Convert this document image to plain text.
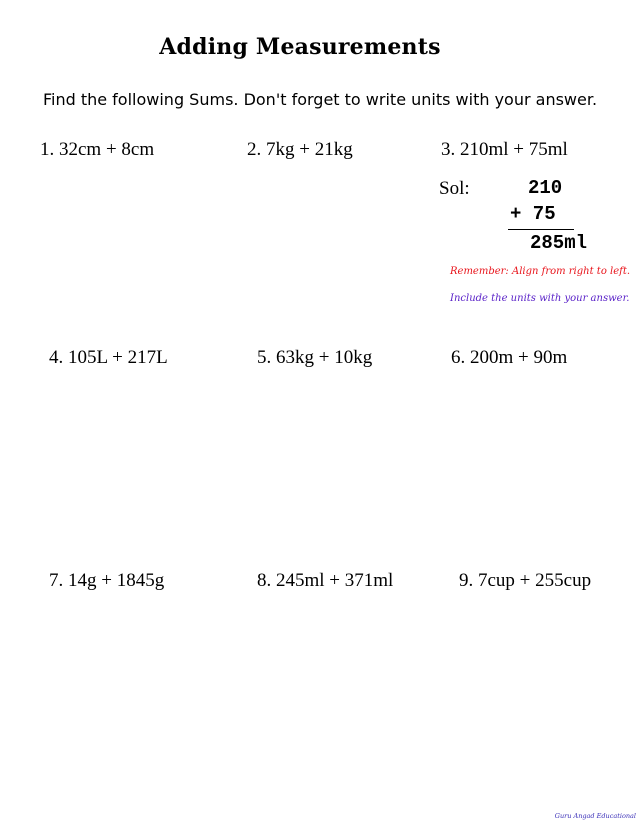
Adding Measurements
Find the following Sums. Don't forget to write units with your answer.
1. 32cm + 8cm	2. 7kg + 21kg	3. 210ml + 75ml
Sol:	210
+ 75
285ml
Remember: Align from right to left.
Include the units with your answer.
4. 105L + 217L	5. 63kg + 10kg	6. 200m + 90m
7. 14g + 1845g	8. 245ml + 371ml	9. 7cup + 255cup
Guru Angad Educational
